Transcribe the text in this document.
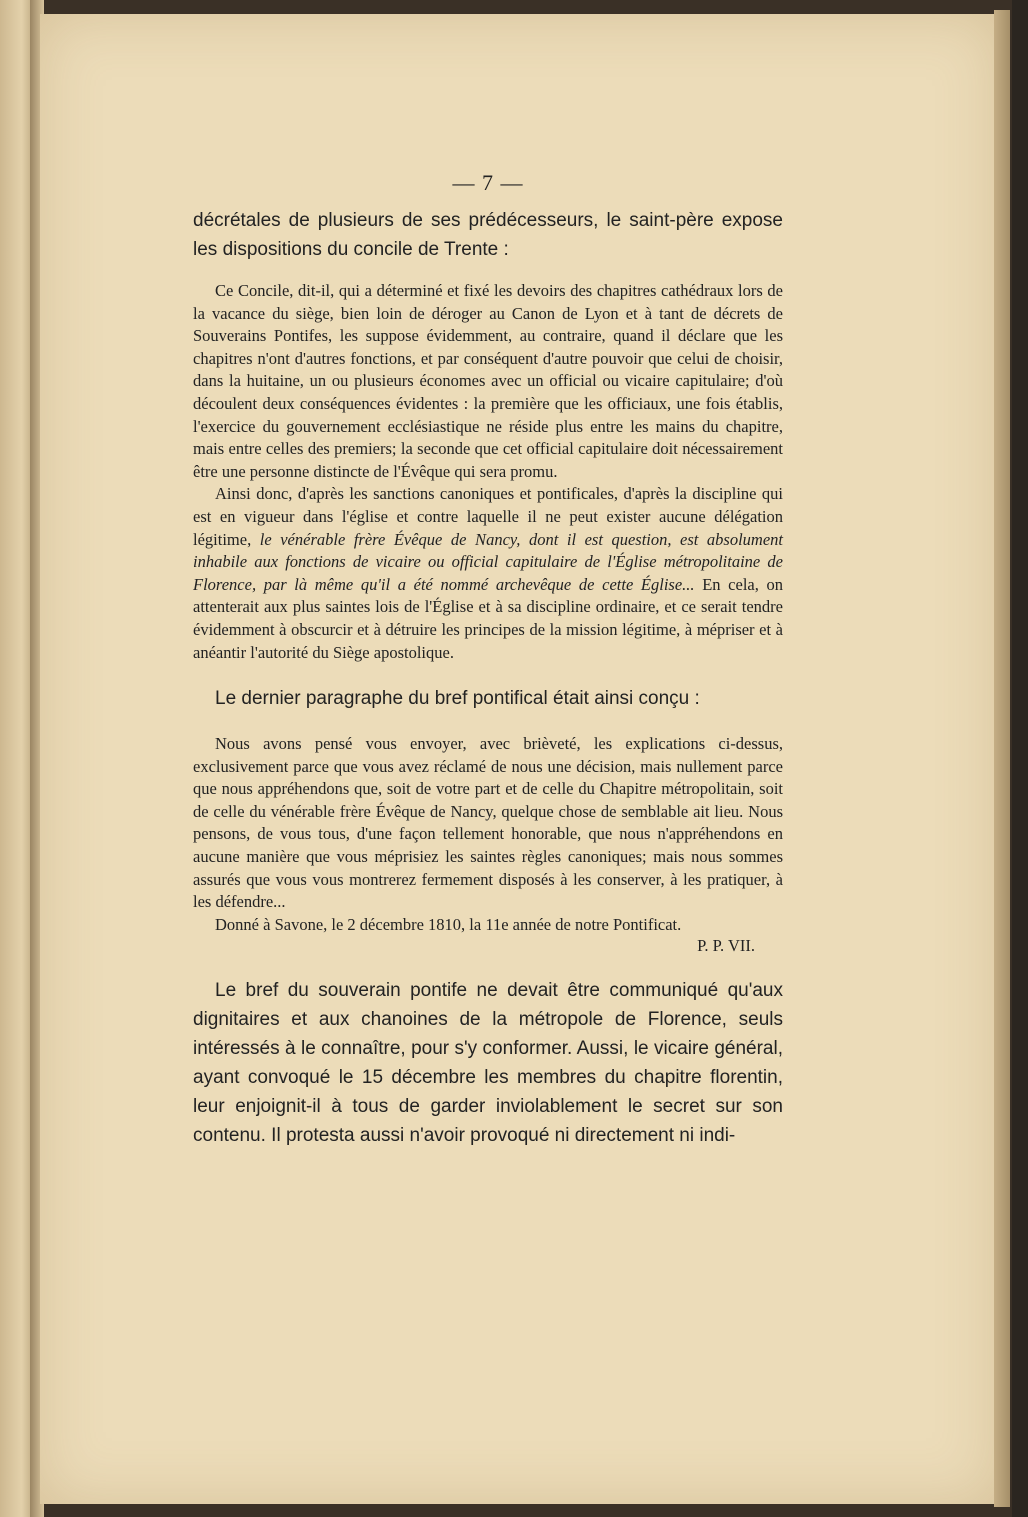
— 7 —

décrétales de plusieurs de ses prédécesseurs, le saint-père expose les dispositions du concile de Trente :

Ce Concile, dit-il, qui a déterminé et fixé les devoirs des chapitres cathédraux lors de la vacance du siège, bien loin de déroger au Canon de Lyon et à tant de décrets de Souverains Pontifes, les suppose évidemment, au contraire, quand il déclare que les chapitres n'ont d'autres fonctions, et par conséquent d'autre pouvoir que celui de choisir, dans la huitaine, un ou plusieurs économes avec un official ou vicaire capitulaire; d'où découlent deux conséquences évidentes : la première que les officiaux, une fois établis, l'exercice du gouvernement ecclésiastique ne réside plus entre les mains du chapitre, mais entre celles des premiers; la seconde que cet official capitulaire doit nécessairement être une personne distincte de l'Évêque qui sera promu.

Ainsi donc, d'après les sanctions canoniques et pontificales, d'après la discipline qui est en vigueur dans l'église et contre laquelle il ne peut exister aucune délégation légitime, le vénérable frère Évêque de Nancy, dont il est question, est absolument inhabile aux fonctions de vicaire ou official capitulaire de l'Église métropolitaine de Florence, par là même qu'il a été nommé archevêque de cette Église... En cela, on attenterait aux plus saintes lois de l'Église et à sa discipline ordinaire, et ce serait tendre évidemment à obscurcir et à détruire les principes de la mission légitime, à mépriser et à anéantir l'autorité du Siège apostolique.

Le dernier paragraphe du bref pontifical était ainsi conçu :

Nous avons pensé vous envoyer, avec brièveté, les explications ci-dessus, exclusivement parce que vous avez réclamé de nous une décision, mais nullement parce que nous appréhendons que, soit de votre part et de celle du Chapitre métropolitain, soit de celle du vénérable frère Évêque de Nancy, quelque chose de semblable ait lieu. Nous pensons, de vous tous, d'une façon tellement honorable, que nous n'appréhendons en aucune manière que vous méprisiez les saintes règles canoniques; mais nous sommes assurés que vous vous montrerez fermement disposés à les conserver, à les pratiquer, à les défendre...

Donné à Savone, le 2 décembre 1810, la 11e année de notre Pontificat.

P. P. VII.

Le bref du souverain pontife ne devait être communiqué qu'aux dignitaires et aux chanoines de la métropole de Florence, seuls intéressés à le connaître, pour s'y conformer. Aussi, le vicaire général, ayant convoqué le 15 décembre les membres du chapitre florentin, leur enjoignit-il à tous de garder inviolablement le secret sur son contenu. Il protesta aussi n'avoir provoqué ni directement ni indi-
